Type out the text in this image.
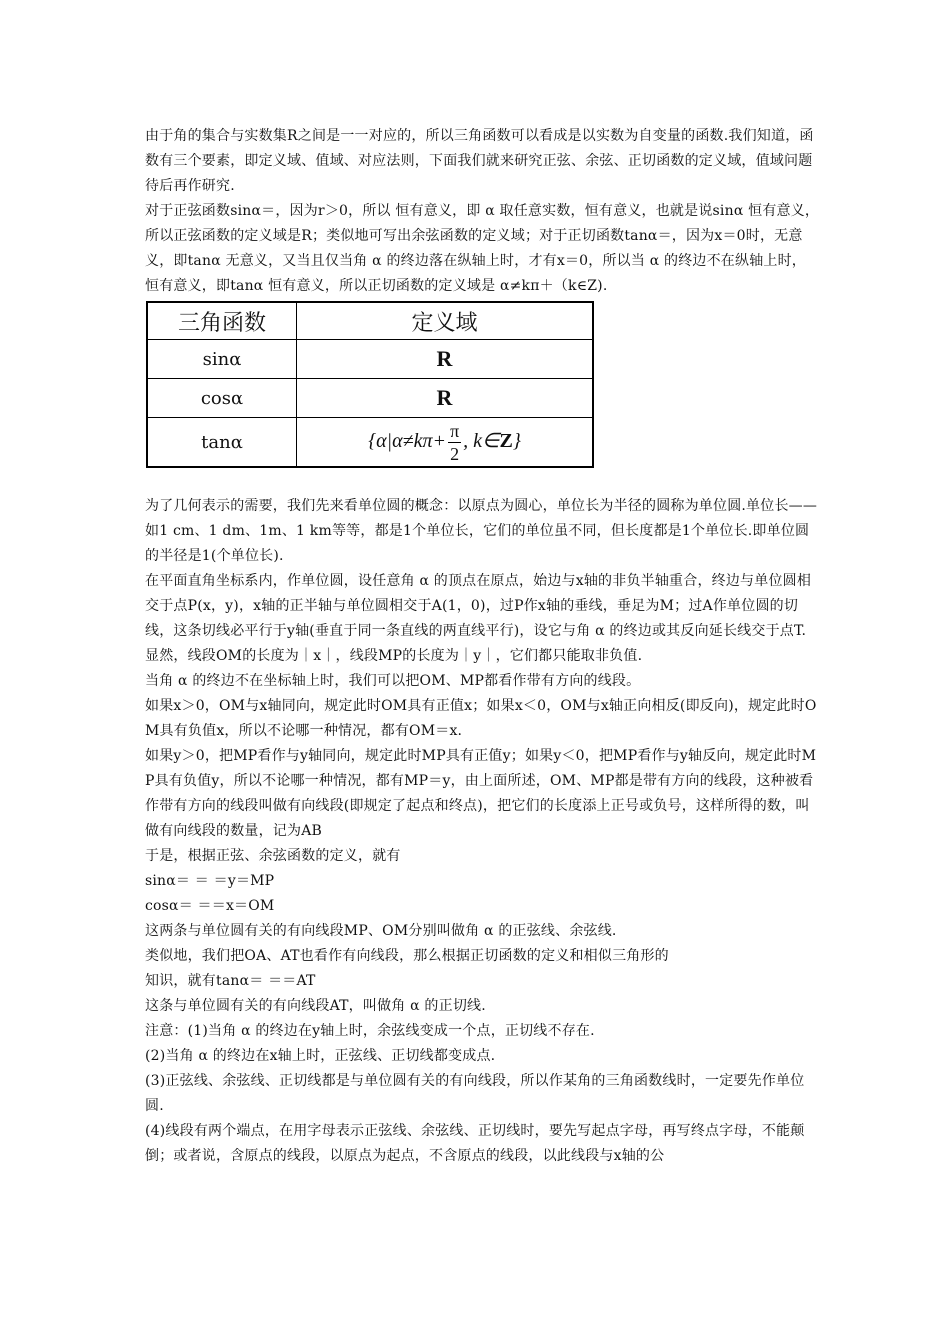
由于角的集合与实数集R之间是一一对应的，所以三角函数可以看成是以实数为自变量的函数.我们知道，函数有三个要素，即定义域、值域、对应法则，下面我们就来研究正弦、余弦、正切函数的定义域，值域问题待后再作研究.

对于正弦函数sinα＝，因为r＞0，所以 恒有意义，即 α 取任意实数，恒有意义，也就是说sinα 恒有意义，所以正弦函数的定义域是R；类似地可写出余弦函数的定义域；对于正切函数tanα＝，因为x＝0时，无意义，即tanα 无意义，又当且仅当角 α 的终边落在纵轴上时，才有x＝0，所以当 α 的终边不在纵轴上时，恒有意义，即tanα 恒有意义，所以正切函数的定义域是 α≠kπ＋（k∈Z).

三角函数	定义域
sinα	R
cosα	R
tanα	{$\alpha|\alpha\ne k\pi+ \frac{\pi}{2}$ , k∈Z}

为了几何表示的需要，我们先来看单位圆的概念：以原点为圆心，单位长为半径的圆称为单位圆.单位长——如1 cm、1 dm、1m、1 km等等，都是1个单位长，它们的单位虽不同，但长度都是1个单位长.即单位圆的半径是1(个单位长).

在平面直角坐标系内，作单位圆，设任意角 α 的顶点在原点，始边与x轴的非负半轴重合，终边与单位圆相交于点P(x，y)，x轴的正半轴与单位圆相交于A(1，0)，过P作x轴的垂线，垂足为M；过A作单位圆的切线，这条切线必平行于y轴(垂直于同一条直线的两直线平行)，设它与角 α 的终边或其反向延长线交于点T.

显然，线段OM的长度为｜x｜，线段MP的长度为｜y｜，它们都只能取非负值.

当角 α 的终边不在坐标轴上时，我们可以把OM、MP都看作带有方向的线段。

如果x＞0，OM与x轴同向，规定此时OM具有正值x；如果x＜0，OM与x轴正向相反(即反向)，规定此时OM具有负值x，所以不论哪一种情况，都有OM＝x.

如果y＞0，把MP看作与y轴同向，规定此时MP具有正值y；如果y＜0，把MP看作与y轴反向，规定此时MP具有负值y，所以不论哪一种情况，都有MP＝y，由上面所述，OM、MP都是带有方向的线段，这种被看作带有方向的线段叫做有向线段(即规定了起点和终点)，把它们的长度添上正号或负号，这样所得的数，叫做有向线段的数量，记为AB

于是，根据正弦、余弦函数的定义，就有

sinα＝ ＝ ＝y＝MP

cosα＝ ＝＝x＝OM

这两条与单位圆有关的有向线段MP、OM分别叫做角 α 的正弦线、余弦线.

类似地，我们把OA、AT也看作有向线段，那么根据正切函数的定义和相似三角形的

知识，就有tanα＝ ＝＝AT

这条与单位圆有关的有向线段AT，叫做角 α 的正切线.

注意：(1)当角 α 的终边在y轴上时，余弦线变成一个点，正切线不存在.

(2)当角 α 的终边在x轴上时，正弦线、正切线都变成点.

(3)正弦线、余弦线、正切线都是与单位圆有关的有向线段，所以作某角的三角函数线时，一定要先作单位圆.

(4)线段有两个端点，在用字母表示正弦线、余弦线、正切线时，要先写起点字母，再写终点字母，不能颠倒；或者说，含原点的线段，以原点为起点，不含原点的线段，以此线段与x轴的公
